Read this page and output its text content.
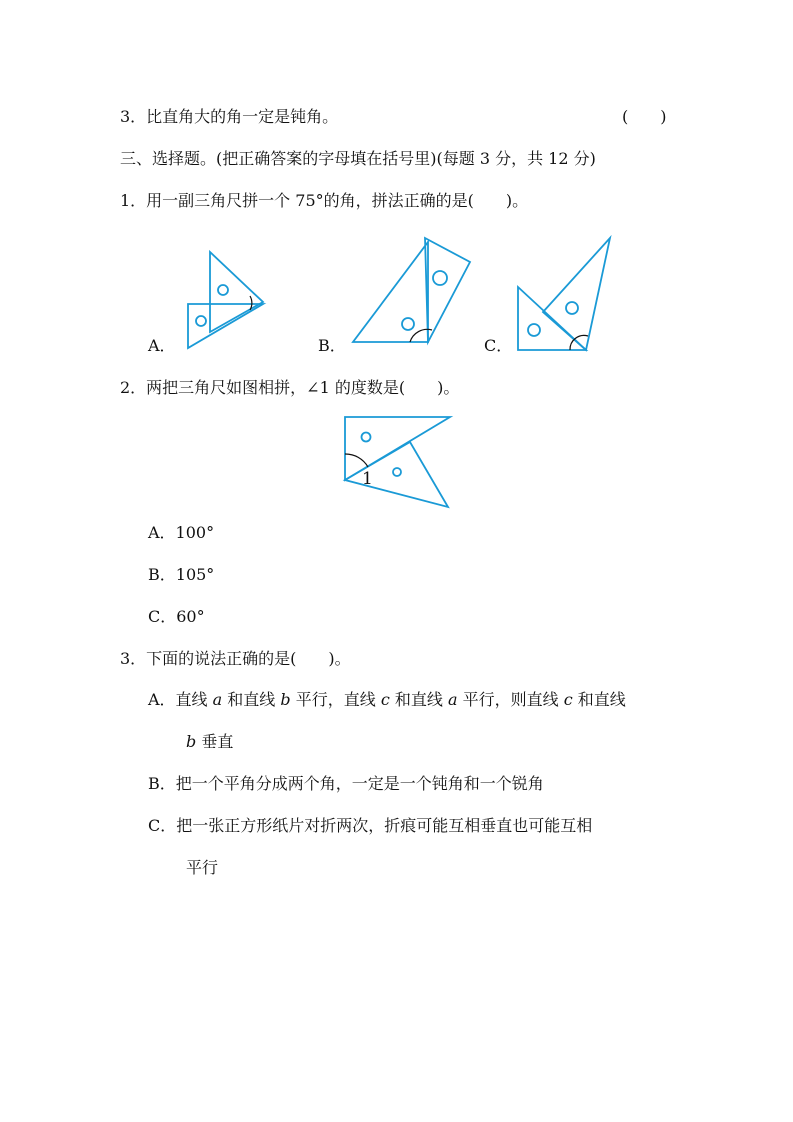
3．比直角大的角一定是钝角。	(　　)
三、选择题。(把正确答案的字母填在括号里)(每题 3 分，共 12 分)
1．用一副三角尺拼一个 75°的角，拼法正确的是(　　)。
A．	B．	C．
2．两把三角尺如图相拼，∠1 的度数是(　　)。
1
A．100°
B．105°
C．60°
3．下面的说法正确的是(　　)。
A．直线 a 和直线 b 平行，直线 c 和直线 a 平行，则直线 c 和直线
b 垂直
B．把一个平角分成两个角，一定是一个钝角和一个锐角
C．把一张正方形纸片对折两次，折痕可能互相垂直也可能互相
平行
